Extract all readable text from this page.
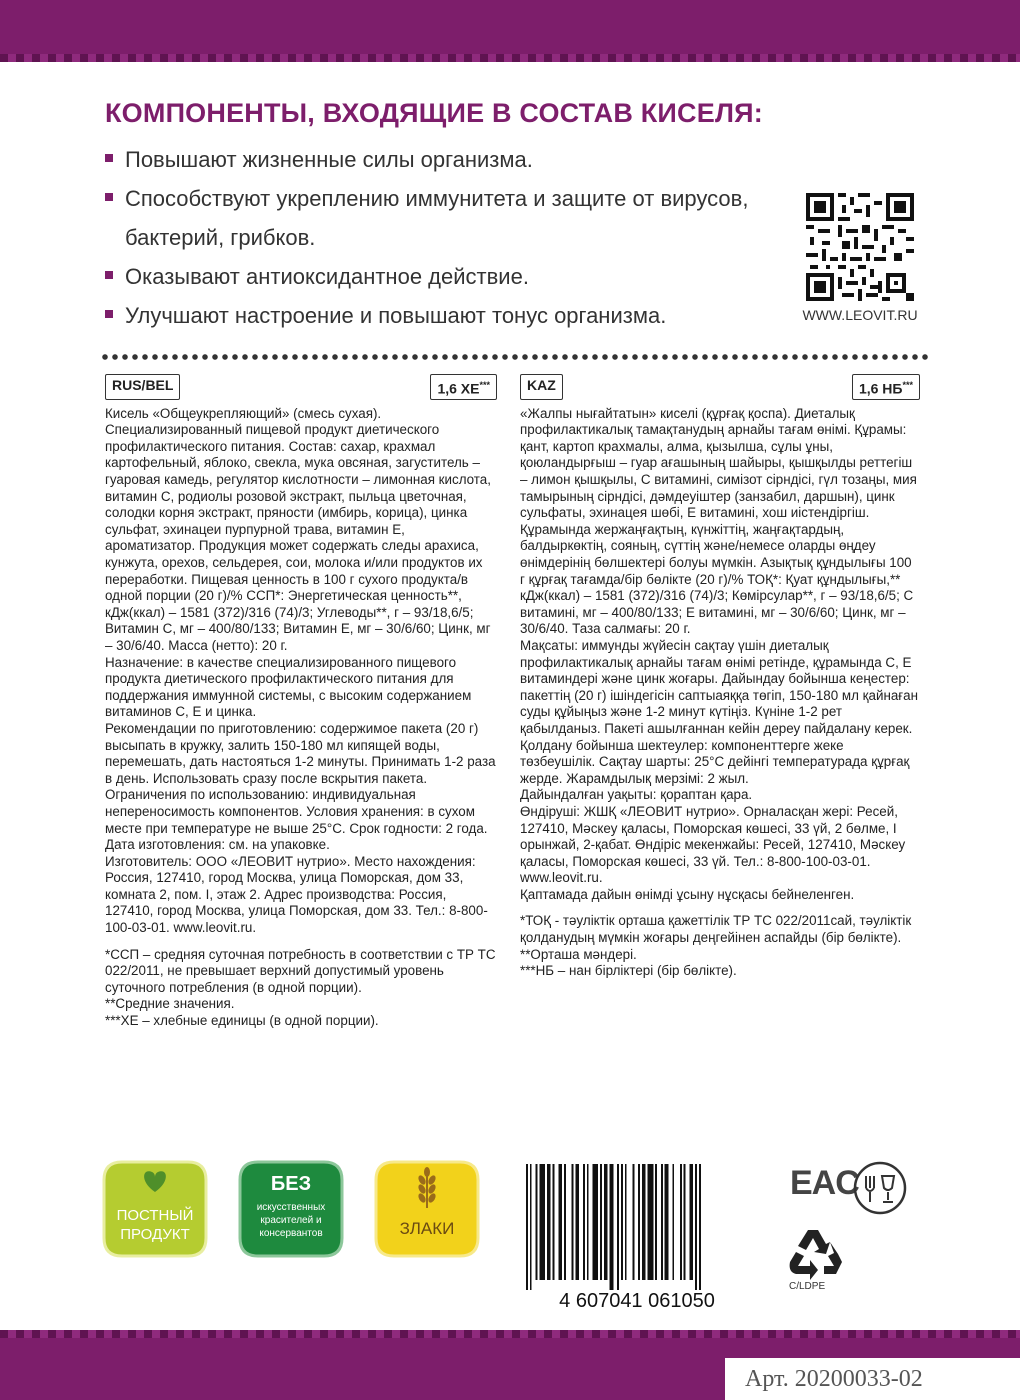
КОМПОНЕНТЫ, ВХОДЯЩИЕ В СОСТАВ КИСЕЛЯ:
Повышают жизненные силы организма.
Способствуют укреплению иммунитета и защите от вирусов, бактерий, грибков.
Оказывают антиоксидантное действие.
Улучшают настроение и повышают тонус организма.	WWW.LEOVIT.RU
RUS/BEL	1,6 ХЕ***

Кисель «Общеукрепляющий» (смесь сухая). Специализированный пищевой продукт диетического профилактического питания. Состав: сахар, крахмал картофельный, яблоко, свекла, мука овсяная, загуститель – гуаровая камедь, регулятор кислотности – лимонная кислота, витамин С, родиолы розовой экстракт, пыльца цветочная, солодки корня экстракт, пряности (имбирь, корица), цинка сульфат, эхинацеи пурпурной трава, витамин Е, ароматизатор. Продукция может содержать следы арахиса, кунжута, орехов, сельдерея, сои, молока и/или продуктов их переработки. Пищевая ценность в 100 г сухого продукта/в одной порции (20 г)/% ССП*: Энергетическая ценность**, кДж(ккал) – 1581 (372)/316 (74)/3; Углеводы**, г – 93/18,6/5; Витамин С, мг – 400/80/133; Витамин Е, мг – 30/6/60; Цинк, мг – 30/6/40. Масса (нетто): 20 г.

Назначение: в качестве специализированного пищевого продукта диетического профилактического питания для поддержания иммунной системы, с высоким содержанием витаминов С, Е и цинка.

Рекомендации по приготовлению: содержимое пакета (20 г) высыпать в кружку, залить 150-180 мл кипящей воды, перемешать, дать настояться 1-2 минуты. Принимать 1-2 раза в день. Использовать сразу после вскрытия пакета.

Ограничения по использованию: индивидуальная непереносимость компонентов. Условия хранения: в сухом месте при температуре не выше 25°С. Срок годности: 2 года. Дата изготовления: см. на упаковке.

Изготовитель: ООО «ЛЕОВИТ нутрио». Место нахождения: Россия, 127410, город Москва, улица Поморская, дом 33, комната 2, пом. I, этаж 2. Адрес производства: Россия, 127410, город Москва, улица Поморская, дом 33. Тел.: 8-800-100-03-01. www.leovit.ru.

*ССП – средняя суточная потребность в соответствии с ТР ТС 022/2011, не превышает верхний допустимый уровень суточного потребления (в одной порции).

**Средние значения.

***ХЕ – хлебные единицы (в одной порции).

KAZ	1,6 НБ***

«Жалпы нығайтатын» киселі (құрғақ қоспа). Диеталық профилактикалық тамақтанудың арнайы тағам өнімі. Құрамы: қант, картоп крахмалы, алма, қызылша, сұлы ұны, қоюландырғыш – гуар ағашының шайыры, қышқылды реттегіш – лимон қышқылы, С витамині, симізот сірндісі, гүл тозаңы, мия тамырының сірндісі, дәмдеуіштер (занзабил, даршын), цинк сульфаты, эхинацея шөбі, Е витамині, хош иістендіргіш. Құрамында жержаңғақтың, күнжіттің, жаңғақтардың, балдыркөктің, сояның, сүттің және/немесе оларды өңдеу өнімдерінің бөлшектері болуы мүмкін. Азықтық құндылығы 100 г құрғақ тағамда/бір бөлікте (20 г)/% ТОҚ*: Қуат құндылығы,** кДж(ккал) – 1581 (372)/316 (74)/3; Көмірсулар**, г – 93/18,6/5; С витамині, мг – 400/80/133; Е витамині, мг – 30/6/60; Цинк, мг – 30/6/40. Таза салмағы: 20 г.

Мақсаты: иммунды жүйесін сақтау үшін диеталық профилактикалық арнайы тағам өнімі ретінде, құрамында С, Е витаминдері және цинк жоғары. Дайындау бойынша кеңестер: пакеттің (20 г) ішіндегісін саптыаяққа төгіп, 150-180 мл қайнаған суды құйыңыз және 1-2 минут күтіңіз. Күніне 1-2 рет қабылданыз. Пакеті ашылғаннан кейін дереу пайдалану керек.

Қолдану бойынша шектеулер: компоненттерге жеке төзбеушілік. Сақтау шарты: 25°С дейінгі температурада құрғақ жерде. Жарамдылық мерзімі: 2 жыл.

Дайындалған уақыты: қораптан қара.

Өндіруші: ЖШҚ «ЛЕОВИТ нутрио». Орналасқан жері: Ресей, 127410, Мәскеу қаласы, Поморская көшесі, 33 үй, 2 бөлме, I орынжай, 2-қабат. Өндіріс мекенжайы: Ресей, 127410, Мәскеу қаласы, Поморская көшесі, 33 үй. Тел.: 8-800-100-03-01. www.leovit.ru.

Қаптамада дайын өнімді ұсыну нұсқасы бейнеленген.

*ТОҚ - тәуліктік орташа қажеттілік ТР ТС 022/2011сай, тәуліктік қолданудың мүмкін жоғары деңгейінен аспайды (бір бөлікте).

**Орташа мәндері.

***НБ – нан бірліктері (бір бөлікте).

ПОСТНЫЙ
ПРОДУКТ
БЕЗ
искусственных
красителей и
консервантов	ЗЛАКИ
4 607041 061050
EAC
C/LDPE
Арт. 20200033-02
